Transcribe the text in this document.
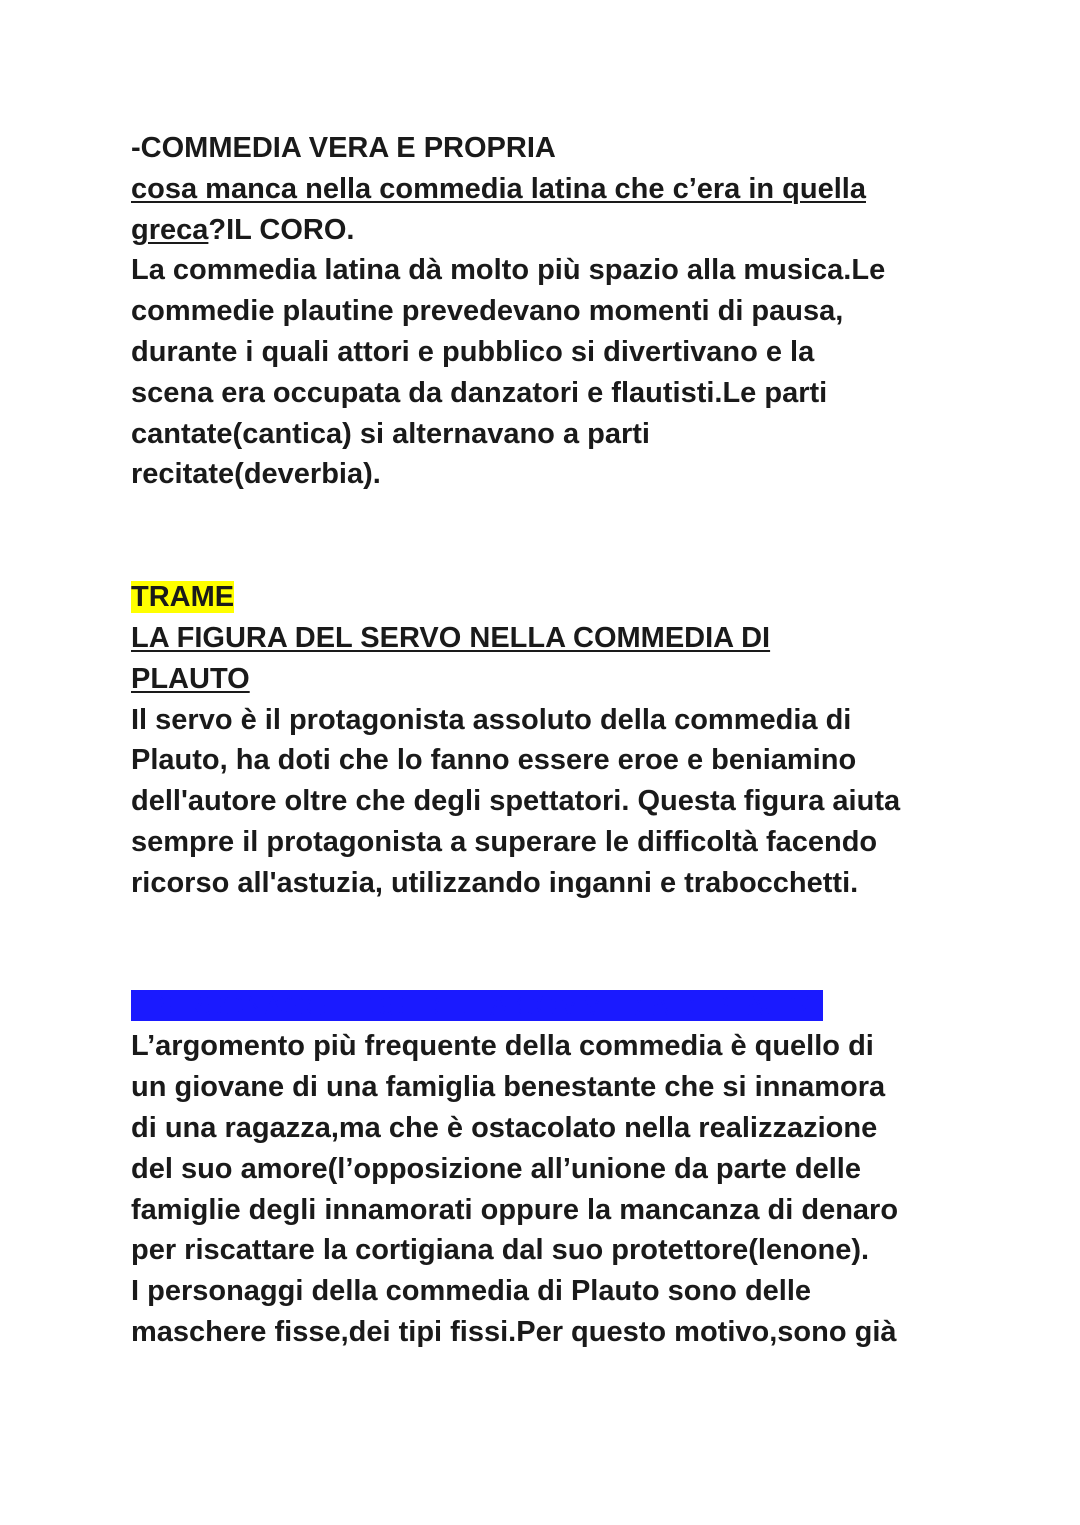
-COMMEDIA VERA E PROPRIA
cosa manca nella commedia latina che c’era in quella
greca?IL CORO.
La commedia latina dà molto più spazio alla musica.Le
commedie plautine prevedevano momenti di pausa,
durante i quali attori e pubblico si divertivano e la
scena era occupata da danzatori e flautisti.Le parti
cantate(cantica) si alternavano a parti
recitate(deverbia).
TRAME
LA FIGURA DEL SERVO NELLA COMMEDIA DI
PLAUTO
Il servo è il protagonista assoluto della commedia di
Plauto, ha doti che lo fanno essere eroe e beniamino
dell'autore oltre che degli spettatori. Questa figura aiuta
sempre il protagonista a superare le difficoltà facendo
ricorso all'astuzia, utilizzando inganni e trabocchetti.
I PERSONAGGI FISSI DELLA COMMEDIA DI PLAUTO
L’argomento più frequente della commedia è quello di
un giovane di una famiglia benestante che si innamora
di una ragazza,ma che è ostacolato nella realizzazione
del suo amore(l’opposizione all’unione da parte delle
famiglie degli innamorati oppure la mancanza di denaro
per riscattare la cortigiana dal suo protettore(lenone).
I personaggi della commedia di Plauto sono delle
maschere fisse,dei tipi fissi.Per questo motivo,sono già
